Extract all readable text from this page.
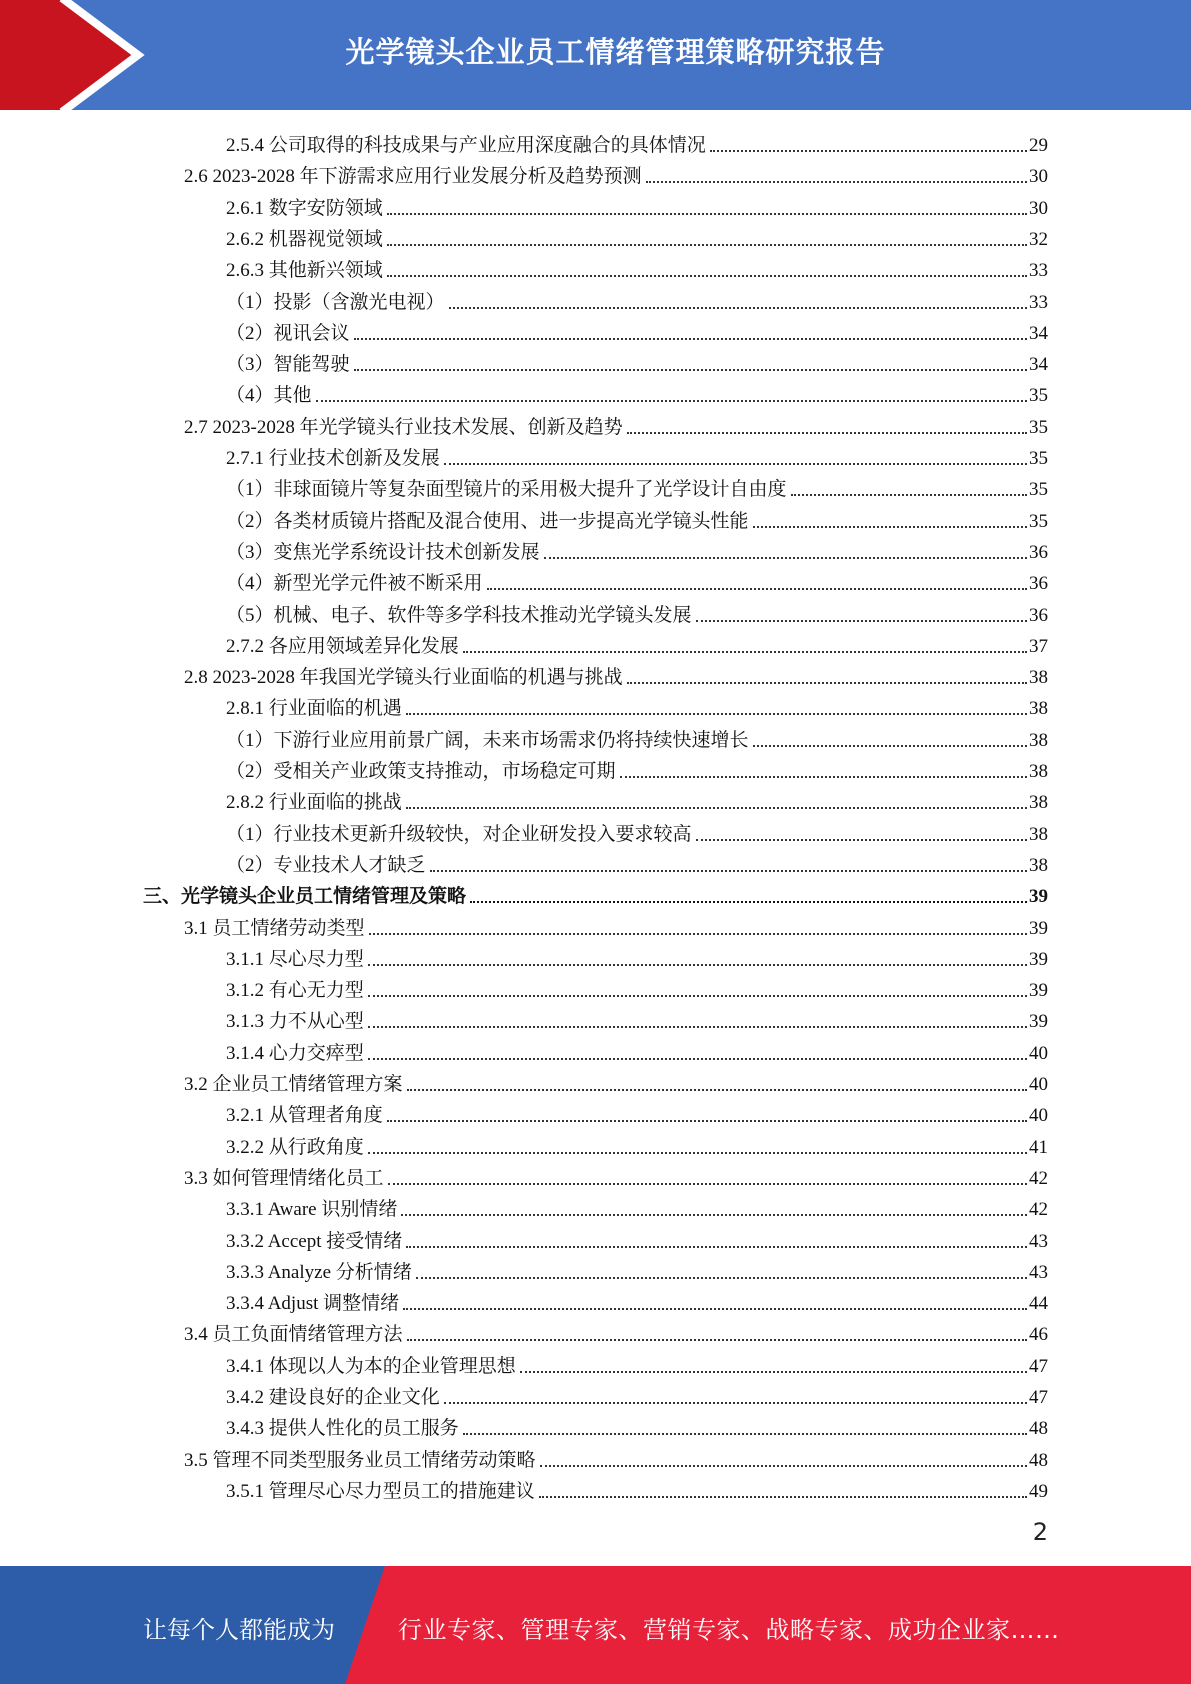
光学镜头企业员工情绪管理策略研究报告
2.5.4 公司取得的科技成果与产业应用深度融合的具体情况	29
2.6 2023-2028 年下游需求应用行业发展分析及趋势预测	30
2.6.1 数字安防领域	30
2.6.2 机器视觉领域	32
2.6.3 其他新兴领域	33
（1）投影（含激光电视）	33
（2）视讯会议	34
（3）智能驾驶	34
（4）其他	35
2.7 2023-2028 年光学镜头行业技术发展、创新及趋势	35
2.7.1 行业技术创新及发展	35
（1）非球面镜片等复杂面型镜片的采用极大提升了光学设计自由度	35
（2）各类材质镜片搭配及混合使用、进一步提高光学镜头性能	35
（3）变焦光学系统设计技术创新发展	36
（4）新型光学元件被不断采用	36
（5）机械、电子、软件等多学科技术推动光学镜头发展	36
2.7.2 各应用领域差异化发展	37
2.8 2023-2028 年我国光学镜头行业面临的机遇与挑战	38
2.8.1 行业面临的机遇	38
（1）下游行业应用前景广阔，未来市场需求仍将持续快速增长	38
（2）受相关产业政策支持推动，市场稳定可期	38
2.8.2 行业面临的挑战	38
（1）行业技术更新升级较快，对企业研发投入要求较高	38
（2）专业技术人才缺乏	38
三、光学镜头企业员工情绪管理及策略	39
3.1 员工情绪劳动类型	39
3.1.1 尽心尽力型	39
3.1.2 有心无力型	39
3.1.3 力不从心型	39
3.1.4 心力交瘁型	40
3.2 企业员工情绪管理方案	40
3.2.1 从管理者角度	40
3.2.2 从行政角度	41
3.3 如何管理情绪化员工	42
3.3.1 Aware 识别情绪	42
3.3.2 Accept 接受情绪	43
3.3.3 Analyze 分析情绪	43
3.3.4 Adjust 调整情绪	44
3.4 员工负面情绪管理方法	46
3.4.1 体现以人为本的企业管理思想	47
3.4.2 建设良好的企业文化	47
3.4.3 提供人性化的员工服务	48
3.5 管理不同类型服务业员工情绪劳动策略	48
3.5.1 管理尽心尽力型员工的措施建议	49
2
让每个人都能成为	行业专家、管理专家、营销专家、战略专家、成功企业家……
